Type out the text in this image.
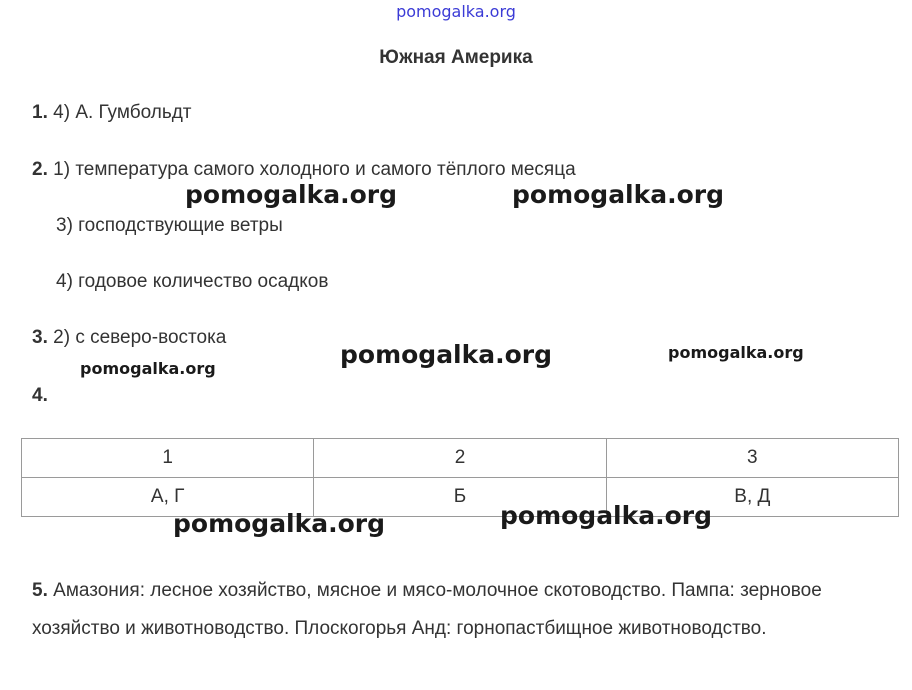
pomogalka.org
Южная Америка
1. 4) А. Гумбольдт
2. 1) температура самого холодного и самого тёплого месяца
3) господствующие ветры
4) годовое количество осадков
3. 2) с северо-востока
4.
1	2	3
А, Г	Б	В, Д
5. Амазония: лесное хозяйство, мясное и мясо-молочное скотоводство. Пампа: зерновое хозяйство и животноводство. Плоскогорья Анд: горнопастбищное животноводство.
pomogalka.org	pomogalka.org
pomogalka.org	pomogalka.org
pomogalka.org
pomogalka.org	pomogalka.org
